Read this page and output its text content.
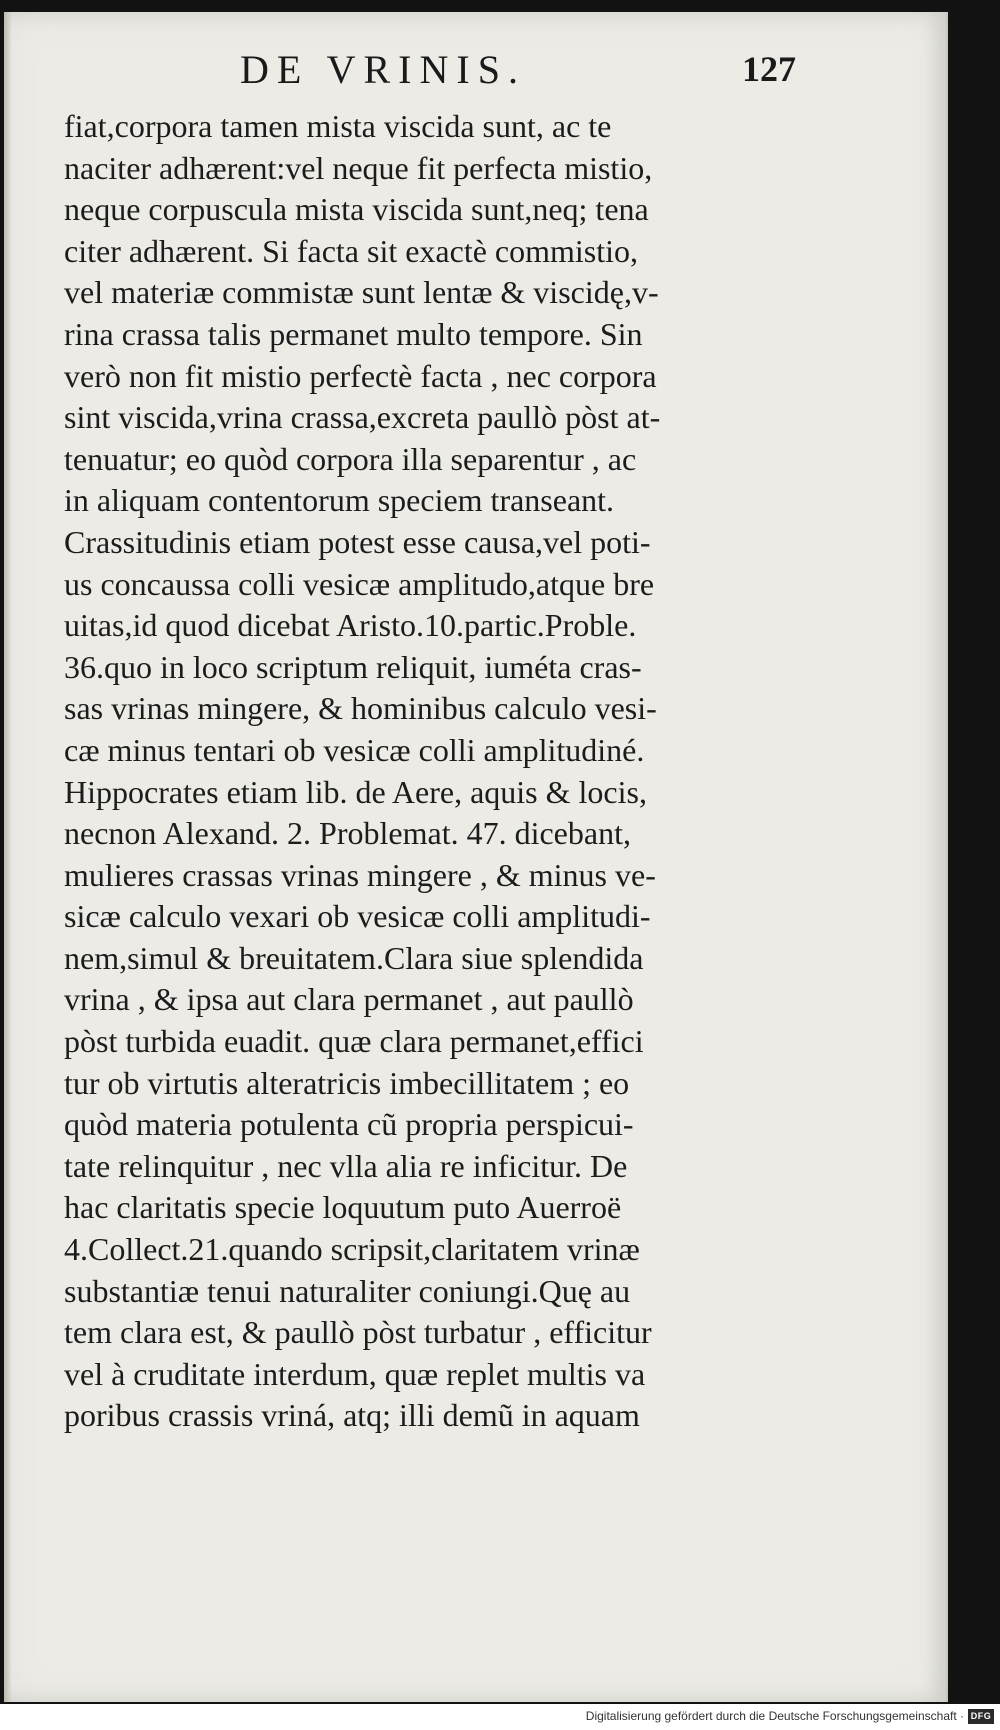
DE VRINIS.	127
fiat,corpora tamen mista viscida sunt, ac te
naciter adhærent:vel neque fit perfecta mistio,
neque corpuscula mista viscida sunt,neq; tena
citer adhærent. Si facta sit exactè commistio,
vel materiæ commistæ sunt lentæ & viscidę,v-
rina crassa talis permanet multo tempore. Sin
verò non fit mistio perfectè facta , nec corpora
sint viscida,vrina crassa,excreta paullò pòst at-
tenuatur; eo quòd corpora illa separentur , ac
in aliquam contentorum speciem transeant.
Crassitudinis etiam potest esse causa,vel poti-
us concaussa colli vesicæ amplitudo,atque bre
uitas,id quod dicebat Aristo.10.partic.Proble.
36.quo in loco scriptum reliquit, iuméta cras-
sas vrinas mingere, & hominibus calculo vesi-
cæ minus tentari ob vesicæ colli amplitudiné.
Hippocrates etiam lib. de Aere, aquis & locis,
necnon Alexand. 2. Problemat. 47. dicebant,
mulieres crassas vrinas mingere , & minus ve-
sicæ calculo vexari ob vesicæ colli amplitudi-
nem,simul & breuitatem.Clara siue splendida
vrina , & ipsa aut clara permanet , aut paullò
pòst turbida euadit. quæ clara permanet,effici
tur ob virtutis alteratricis imbecillitatem ; eo
quòd materia potulenta cũ propria perspicui-
tate relinquitur , nec vlla alia re inficitur. De
hac claritatis specie loquutum puto Auerroë
4.Collect.21.quando scripsit,claritatem vrinæ
substantiæ tenui naturaliter coniungi.Quę au
tem clara est, & paullò pòst turbatur , efficitur
vel à cruditate interdum, quæ replet multis va
poribus crassis vriná, atq; illi demũ in aquam
Digitalisierung gefördert durch die Deutsche Forschungsgemeinschaft · DFG
